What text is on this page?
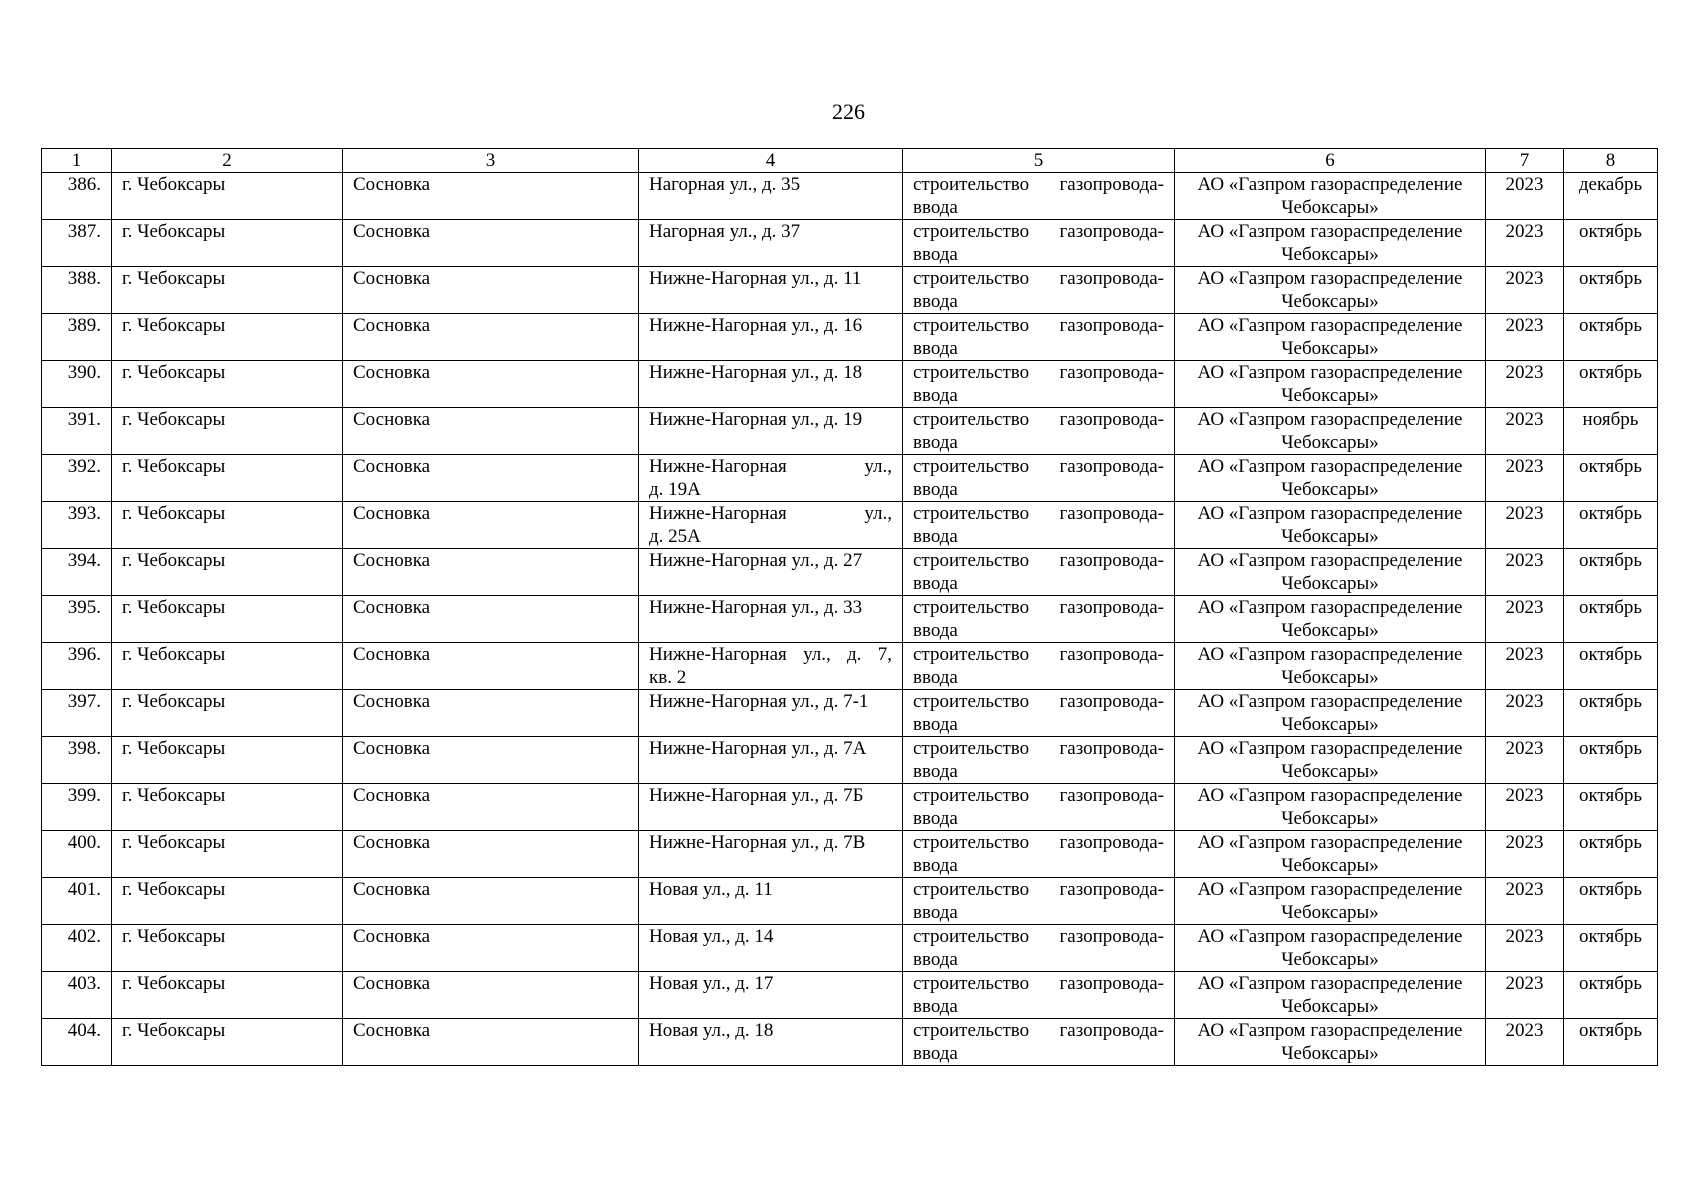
226
1	2	3	4	5	6	7	8
386.	г. Чебоксары	Сосновка	Нагорная ул., д. 35	строительство газопровода-
ввода	АО «Газпром газораспределение
Чебоксары»	2023	декабрь
387.	г. Чебоксары	Сосновка	Нагорная ул., д. 37	строительство газопровода-
ввода	АО «Газпром газораспределение
Чебоксары»	2023	октябрь
388.	г. Чебоксары	Сосновка	Нижне-Нагорная ул., д. 11	строительство газопровода-
ввода	АО «Газпром газораспределение
Чебоксары»	2023	октябрь
389.	г. Чебоксары	Сосновка	Нижне-Нагорная ул., д. 16	строительство газопровода-
ввода	АО «Газпром газораспределение
Чебоксары»	2023	октябрь
390.	г. Чебоксары	Сосновка	Нижне-Нагорная ул., д. 18	строительство газопровода-
ввода	АО «Газпром газораспределение
Чебоксары»	2023	октябрь
391.	г. Чебоксары	Сосновка	Нижне-Нагорная ул., д. 19	строительство газопровода-
ввода	АО «Газпром газораспределение
Чебоксары»	2023	ноябрь
392.	г. Чебоксары	Сосновка	Нижне-Нагорная ул.,
д. 19А	строительство газопровода-
ввода	АО «Газпром газораспределение
Чебоксары»	2023	октябрь
393.	г. Чебоксары	Сосновка	Нижне-Нагорная ул.,
д. 25А	строительство газопровода-
ввода	АО «Газпром газораспределение
Чебоксары»	2023	октябрь
394.	г. Чебоксары	Сосновка	Нижне-Нагорная ул., д. 27	строительство газопровода-
ввода	АО «Газпром газораспределение
Чебоксары»	2023	октябрь
395.	г. Чебоксары	Сосновка	Нижне-Нагорная ул., д. 33	строительство газопровода-
ввода	АО «Газпром газораспределение
Чебоксары»	2023	октябрь
396.	г. Чебоксары	Сосновка	Нижне-Нагорная ул., д. 7,
кв. 2	строительство газопровода-
ввода	АО «Газпром газораспределение
Чебоксары»	2023	октябрь
397.	г. Чебоксары	Сосновка	Нижне-Нагорная ул., д. 7-1	строительство газопровода-
ввода	АО «Газпром газораспределение
Чебоксары»	2023	октябрь
398.	г. Чебоксары	Сосновка	Нижне-Нагорная ул., д. 7А	строительство газопровода-
ввода	АО «Газпром газораспределение
Чебоксары»	2023	октябрь
399.	г. Чебоксары	Сосновка	Нижне-Нагорная ул., д. 7Б	строительство газопровода-
ввода	АО «Газпром газораспределение
Чебоксары»	2023	октябрь
400.	г. Чебоксары	Сосновка	Нижне-Нагорная ул., д. 7В	строительство газопровода-
ввода	АО «Газпром газораспределение
Чебоксары»	2023	октябрь
401.	г. Чебоксары	Сосновка	Новая ул., д. 11	строительство газопровода-
ввода	АО «Газпром газораспределение
Чебоксары»	2023	октябрь
402.	г. Чебоксары	Сосновка	Новая ул., д. 14	строительство газопровода-
ввода	АО «Газпром газораспределение
Чебоксары»	2023	октябрь
403.	г. Чебоксары	Сосновка	Новая ул., д. 17	строительство газопровода-
ввода	АО «Газпром газораспределение
Чебоксары»	2023	октябрь
404.	г. Чебоксары	Сосновка	Новая ул., д. 18	строительство газопровода-
ввода	АО «Газпром газораспределение
Чебоксары»	2023	октябрь
